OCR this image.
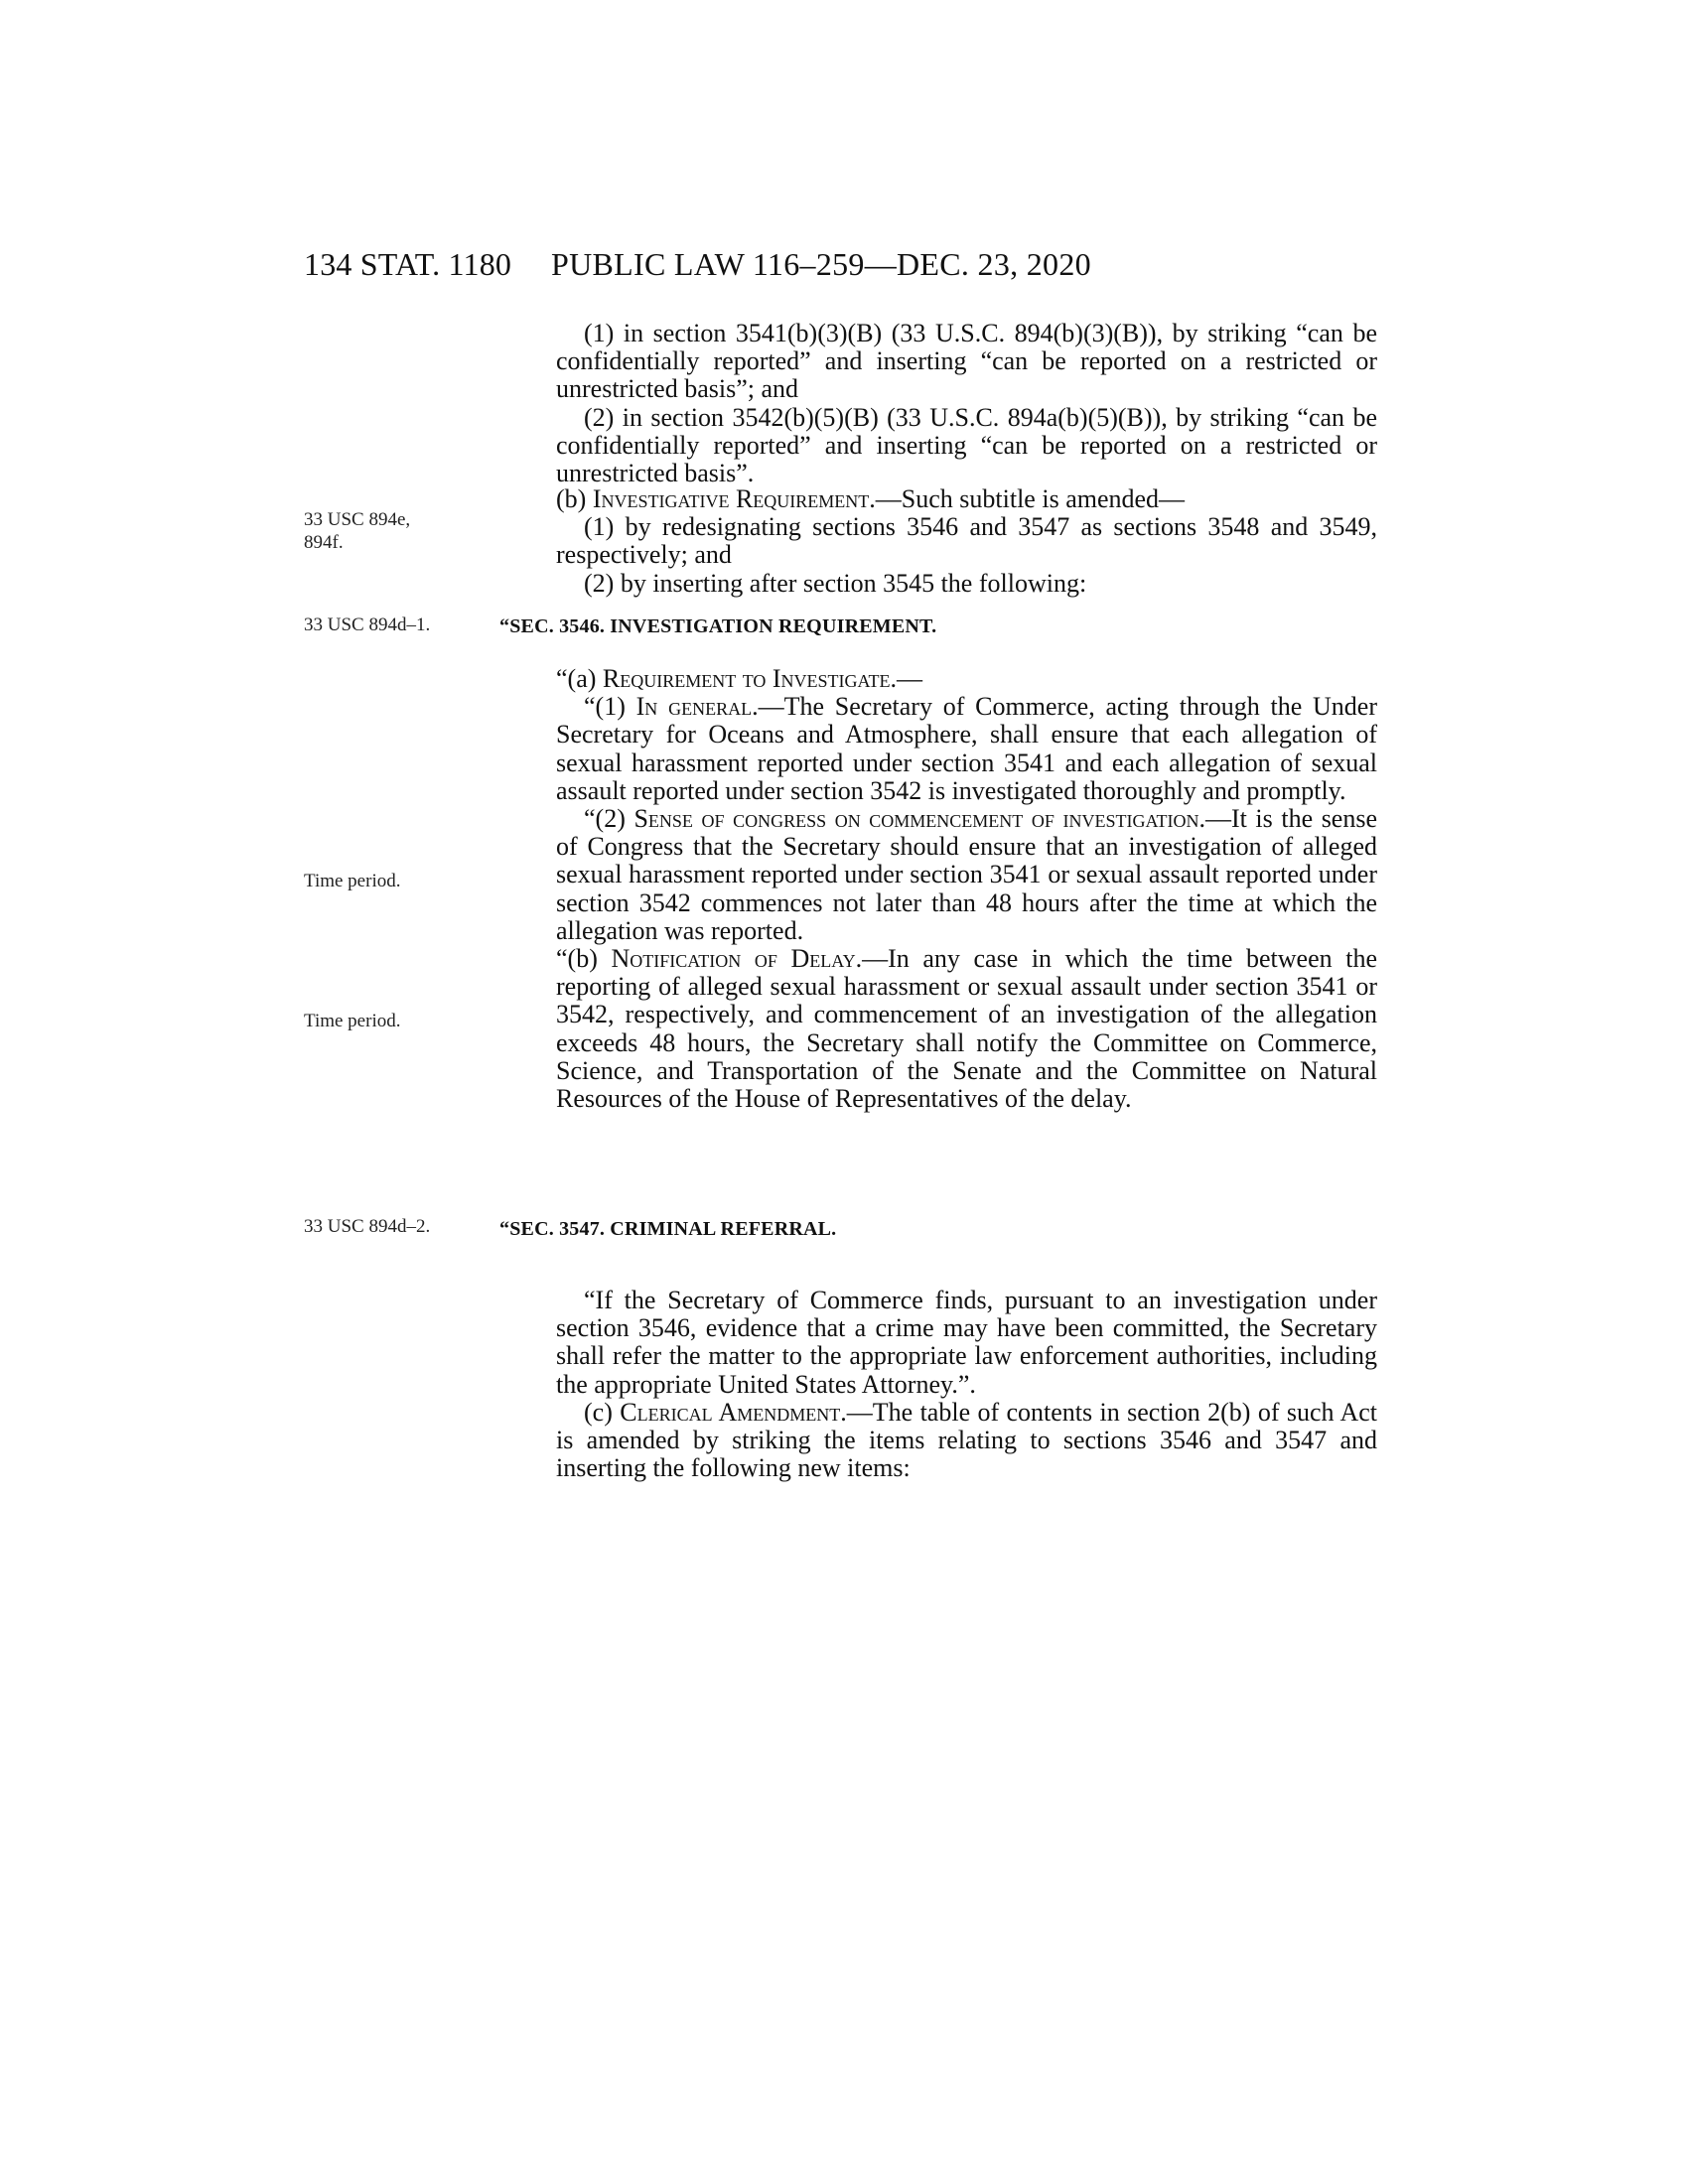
134 STAT. 1180 PUBLIC LAW 116–259—DEC. 23, 2020
33 USC 894e,
894f.
33 USC 894d–1.
Time period.
Time period.
33 USC 894d–2.

(1) in section 3541(b)(3)(B) (33 U.S.C. 894(b)(3)(B)), by striking “can be confidentially reported” and inserting “can be reported on a restricted or unrestricted basis”; and

(2) in section 3542(b)(5)(B) (33 U.S.C. 894a(b)(5)(B)), by striking “can be confidentially reported” and inserting “can be reported on a restricted or unrestricted basis”.

(b) Investigative Requirement.—Such subtitle is amended—

(1) by redesignating sections 3546 and 3547 as sections 3548 and 3549, respectively; and

(2) by inserting after section 3545 the following:

“SEC. 3546. INVESTIGATION REQUIREMENT.

“(a) Requirement to Investigate.—

“(1) In general.—The Secretary of Commerce, acting through the Under Secretary for Oceans and Atmosphere, shall ensure that each allegation of sexual harassment reported under section 3541 and each allegation of sexual assault reported under section 3542 is investigated thoroughly and promptly.

“(2) Sense of congress on commencement of investigation.—It is the sense of Congress that the Secretary should ensure that an investigation of alleged sexual harassment reported under section 3541 or sexual assault reported under section 3542 commences not later than 48 hours after the time at which the allegation was reported.

“(b) Notification of Delay.—In any case in which the time between the reporting of alleged sexual harassment or sexual assault under section 3541 or 3542, respectively, and commencement of an investigation of the allegation exceeds 48 hours, the Secretary shall notify the Committee on Commerce, Science, and Transportation of the Senate and the Committee on Natural Resources of the House of Representatives of the delay.

“SEC. 3547. CRIMINAL REFERRAL.

“If the Secretary of Commerce finds, pursuant to an investigation under section 3546, evidence that a crime may have been committed, the Secretary shall refer the matter to the appropriate law enforcement authorities, including the appropriate United States Attorney.”.

(c) Clerical Amendment.—The table of contents in section 2(b) of such Act is amended by striking the items relating to sections 3546 and 3547 and inserting the following new items:
